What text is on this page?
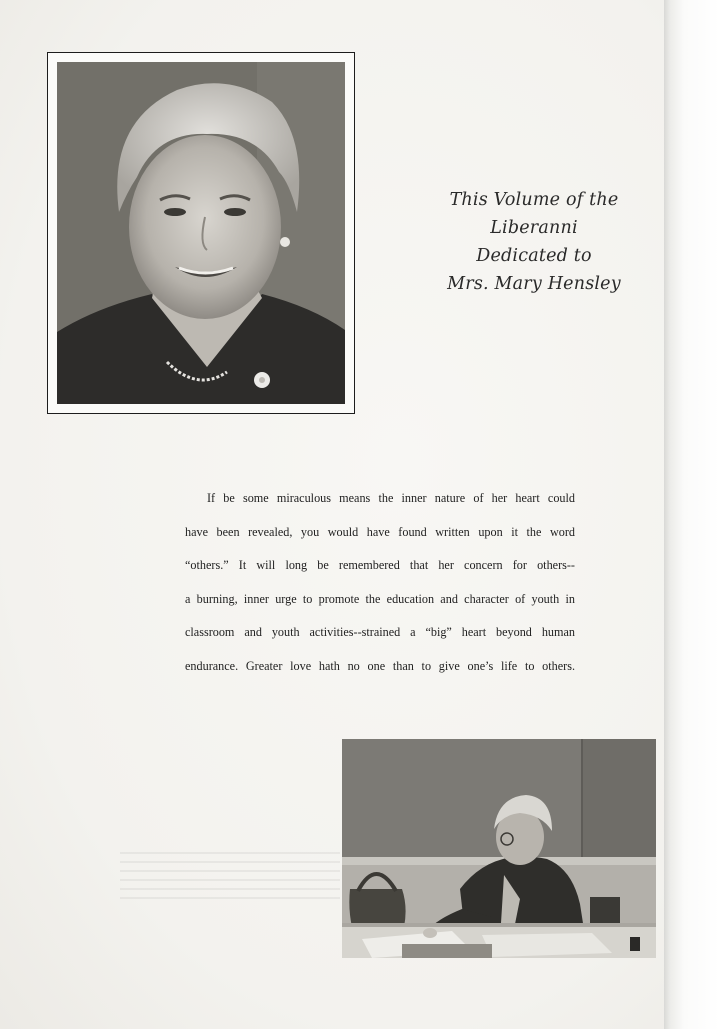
This Volume of the
Liberanni
Dedicated to
Mrs. Mary Hensley
If be some miraculous means the inner nature of her heart could
have been revealed, you would have found written upon it the word
“others.” It will long be remembered that her concern for others--
a burning, inner urge to promote the education and character of youth in
classroom and youth activities--strained a “big” heart beyond human
endurance. Greater love hath no one than to give one’s life to others.
